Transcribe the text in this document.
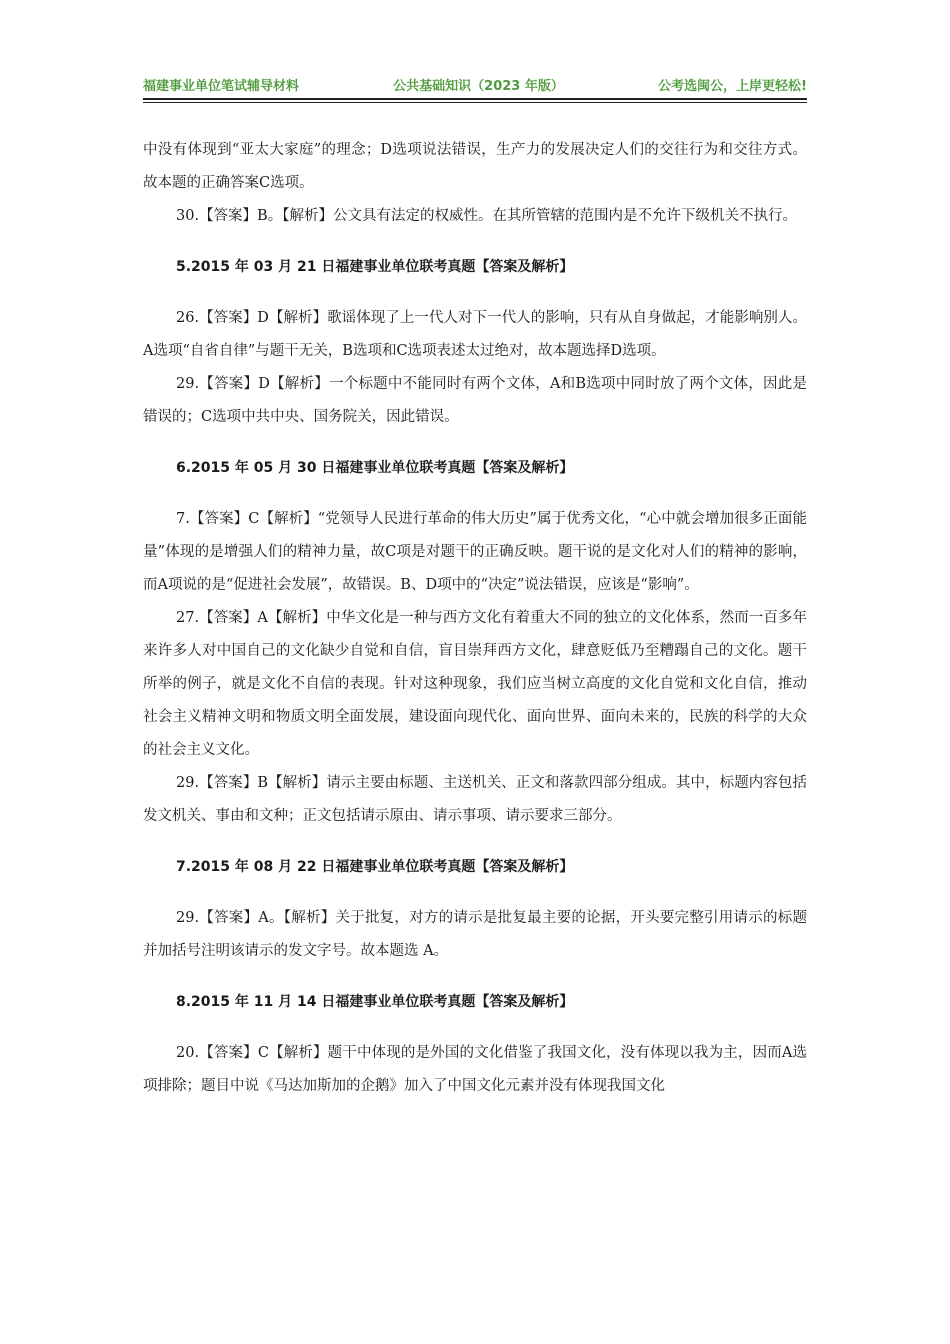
福建事业单位笔试辅导材料	公共基础知识（2023 年版）	公考选闽公，上岸更轻松!

中没有体现到“亚太大家庭”的理念；D选项说法错误，生产力的发展决定人们的交往行为和交往方式。故本题的正确答案C选项。

30.【答案】B。【解析】公文具有法定的权威性。在其所管辖的范围内是不允许下级机关不执行。

5.2015 年 03 月 21 日福建事业单位联考真题【答案及解析】

26.【答案】D【解析】歌谣体现了上一代人对下一代人的影响，只有从自身做起，才能影响别人。A选项“自省自律”与题干无关，B选项和C选项表述太过绝对，故本题选择D选项。

29.【答案】D【解析】一个标题中不能同时有两个文体，A和B选项中同时放了两个文体，因此是错误的；C选项中共中央、国务院关，因此错误。

6.2015 年 05 月 30 日福建事业单位联考真题【答案及解析】

7.【答案】C【解析】“党领导人民进行革命的伟大历史”属于优秀文化，“心中就会增加很多正面能量”体现的是增强人们的精神力量，故C项是对题干的正确反映。题干说的是文化对人们的精神的影响，而A项说的是“促进社会发展”，故错误。B、D项中的“决定”说法错误，应该是“影响”。

27.【答案】A【解析】中华文化是一种与西方文化有着重大不同的独立的文化体系，然而一百多年来许多人对中国自己的文化缺少自觉和自信，盲目崇拜西方文化，肆意贬低乃至糟蹋自己的文化。题干所举的例子，就是文化不自信的表现。针对这种现象，我们应当树立高度的文化自觉和文化自信，推动社会主义精神文明和物质文明全面发展，建设面向现代化、面向世界、面向未来的，民族的科学的大众的社会主义文化。

29.【答案】B【解析】请示主要由标题、主送机关、正文和落款四部分组成。其中，标题内容包括发文机关、事由和文种；正文包括请示原由、请示事项、请示要求三部分。

7.2015 年 08 月 22 日福建事业单位联考真题【答案及解析】

29.【答案】A。【解析】关于批复，对方的请示是批复最主要的论据，开头要完整引用请示的标题并加括号注明该请示的发文字号。故本题选 A。

8.2015 年 11 月 14 日福建事业单位联考真题【答案及解析】

20.【答案】C【解析】题干中体现的是外国的文化借鉴了我国文化，没有体现以我为主，因而A选项排除；题目中说《马达加斯加的企鹅》加入了中国文化元素并没有体现我国文化
